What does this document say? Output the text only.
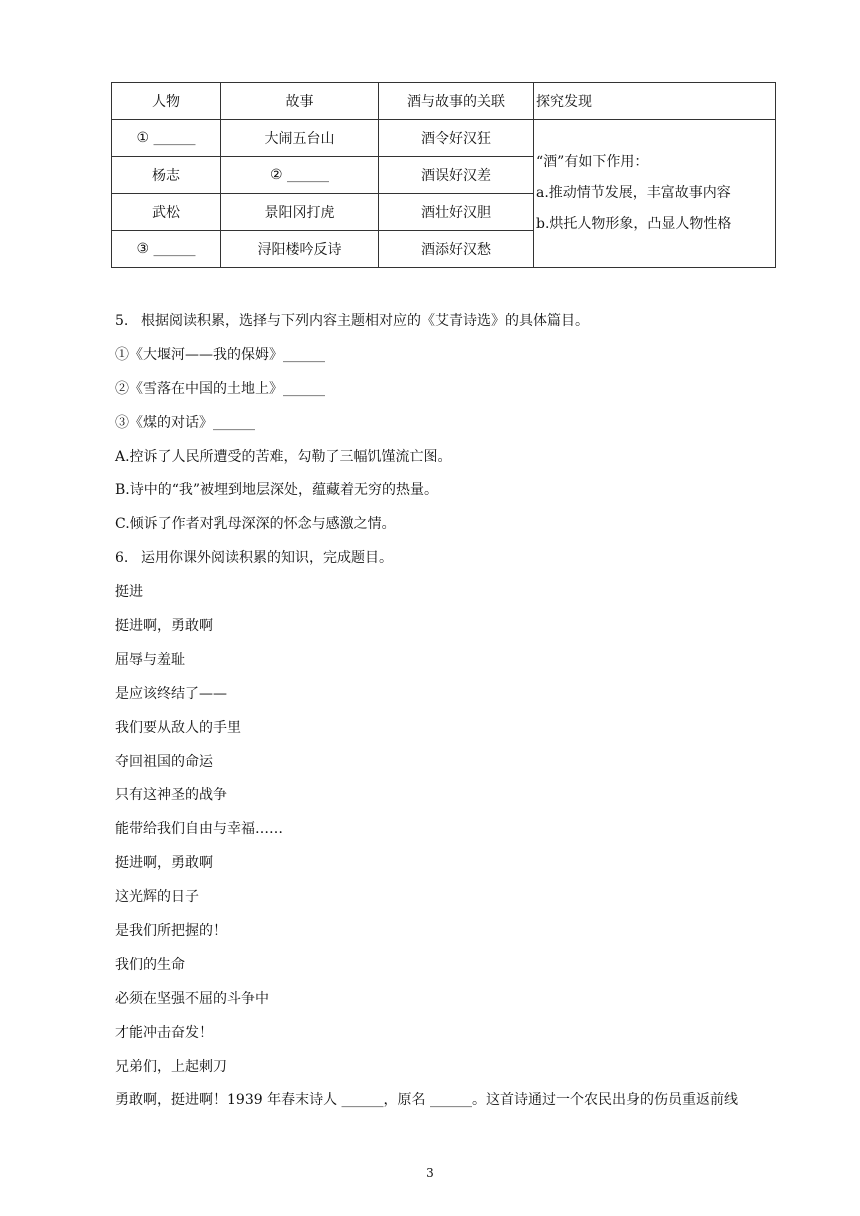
人物	故事	酒与故事的关联	探究发现
① ______	大闹五台山	酒令好汉狂	“酒”有如下作用：
a.推动情节发展，丰富故事内容
b.烘托人物形象，凸显人物性格

杨志	② ______	酒误好汉差	
武松	景阳冈打虎	酒壮好汉胆	
③ ______	浔阳楼吟反诗	酒添好汉愁	
5. 根据阅读积累，选择与下列内容主题相对应的《艾青诗选》的具体篇目。
①《大堰河——我的保姆》______
②《雪落在中国的土地上》______
③《煤的对话》______
A.控诉了人民所遭受的苦难，勾勒了三幅饥馑流亡图。
B.诗中的“我”被埋到地层深处，蕴藏着无穷的热量。
C.倾诉了作者对乳母深深的怀念与感激之情。
6. 运用你课外阅读积累的知识，完成题目。
挺进
挺进啊，勇敢啊
屈辱与羞耻
是应该终结了——
我们要从敌人的手里
夺回祖国的命运
只有这神圣的战争
能带给我们自由与幸福……
挺进啊，勇敢啊
这光辉的日子
是我们所把握的！
我们的生命
必须在坚强不屈的斗争中
才能冲击奋发！
兄弟们，上起刺刀
勇敢啊，挺进啊！1939 年春末诗人 ______，原名 ______。这首诗通过一个农民出身的伤员重返前线
3
